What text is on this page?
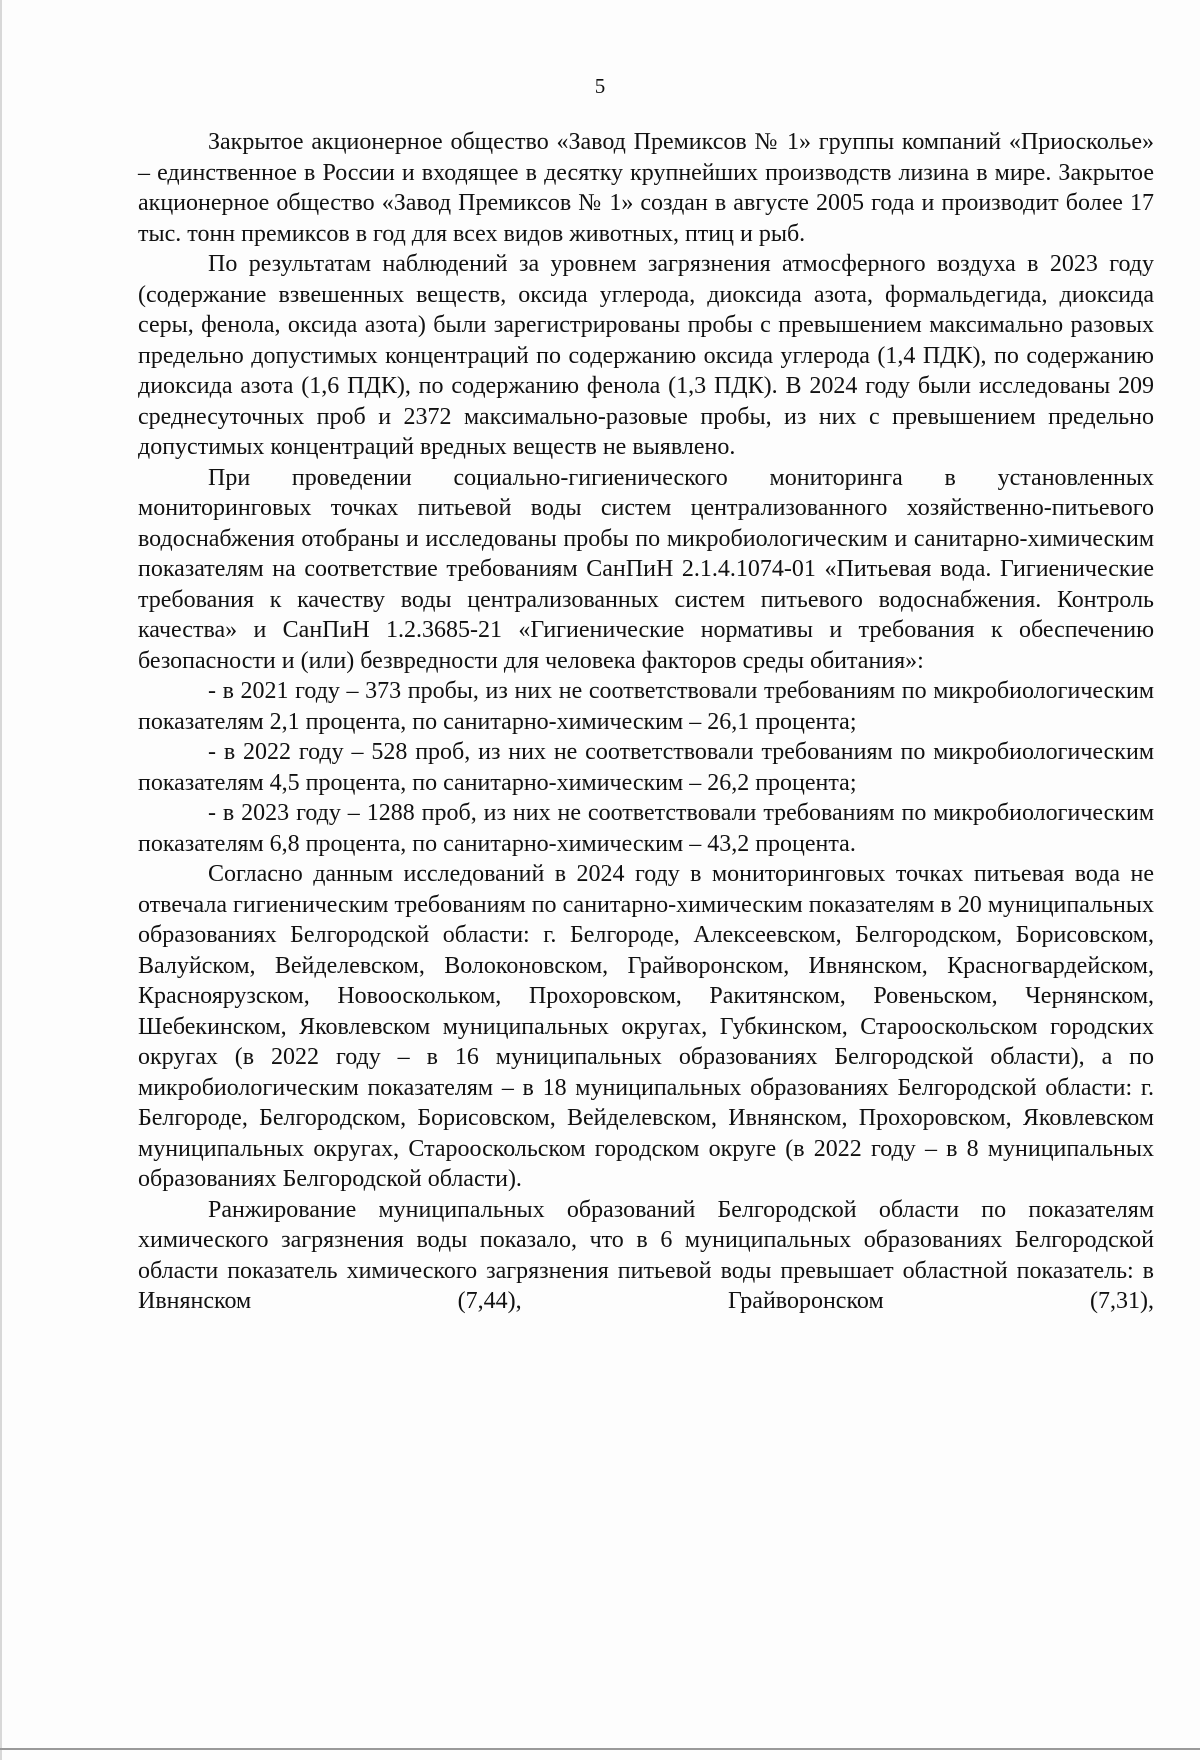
5

Закрытое акционерное общество «Завод Премиксов № 1» группы компаний «Приосколье» – единственное в России и входящее в десятку крупнейших производств лизина в мире. Закрытое акционерное общество «Завод Премиксов № 1» создан в августе 2005 года и производит более 17 тыс. тонн премиксов в год для всех видов животных, птиц и рыб.

По результатам наблюдений за уровнем загрязнения атмосферного воздуха в 2023 году (содержание взвешенных веществ, оксида углерода, диоксида азота, формальдегида, диоксида серы, фенола, оксида азота) были зарегистрированы пробы с превышением максимально разовых предельно допустимых концентраций по содержанию оксида углерода (1,4 ПДК), по содержанию диоксида азота (1,6 ПДК), по содержанию фенола (1,3 ПДК). В 2024 году были исследованы 209 среднесуточных проб и 2372 максимально-разовые пробы, из них с превышением предельно допустимых концентраций вредных веществ не выявлено.

При проведении социально-гигиенического мониторинга в установленных мониторинговых точках питьевой воды систем централизованного хозяйственно-питьевого водоснабжения отобраны и исследованы пробы по микробиологическим и санитарно-химическим показателям на соответствие требованиям СанПиН 2.1.4.1074-01 «Питьевая вода. Гигиенические требования к качеству воды централизованных систем питьевого водоснабжения. Контроль качества» и СанПиН 1.2.3685-21 «Гигиенические нормативы и требования к обеспечению безопасности и (или) безвредности для человека факторов среды обитания»:

- в 2021 году – 373 пробы, из них не соответствовали требованиям по микробиологическим показателям 2,1 процента, по санитарно-химическим – 26,1 процента;

- в 2022 году – 528 проб, из них не соответствовали требованиям по микробиологическим показателям 4,5 процента, по санитарно-химическим – 26,2 процента;

- в 2023 году – 1288 проб, из них не соответствовали требованиям по микробиологическим показателям 6,8 процента, по санитарно-химическим – 43,2 процента.

Согласно данным исследований в 2024 году в мониторинговых точках питьевая вода не отвечала гигиеническим требованиям по санитарно-химическим показателям в 20 муниципальных образованиях Белгородской области: г. Белгороде, Алексеевском, Белгородском, Борисовском, Валуйском, Вейделевском, Волоконовском, Грайворонском, Ивнянском, Красногвардейском, Красноярузском, Новооскольком, Прохоровском, Ракитянском, Ровеньском, Чернянском, Шебекинском, Яковлевском муниципальных округах, Губкинском, Старооскольском городских округах (в 2022 году – в 16 муниципальных образованиях Белгородской области), а по микробиологическим показателям – в 18 муниципальных образованиях Белгородской области: г. Белгороде, Белгородском, Борисовском, Вейделевском, Ивнянском, Прохоровском, Яковлевском муниципальных округах, Старооскольском городском округе (в 2022 году – в 8 муниципальных образованиях Белгородской области).

Ранжирование муниципальных образований Белгородской области по показателям химического загрязнения воды показало, что в 6 муниципальных образованиях Белгородской области показатель химического загрязнения питьевой воды превышает областной показатель: в Ивнянском (7,44), Грайворонском (7,31),
